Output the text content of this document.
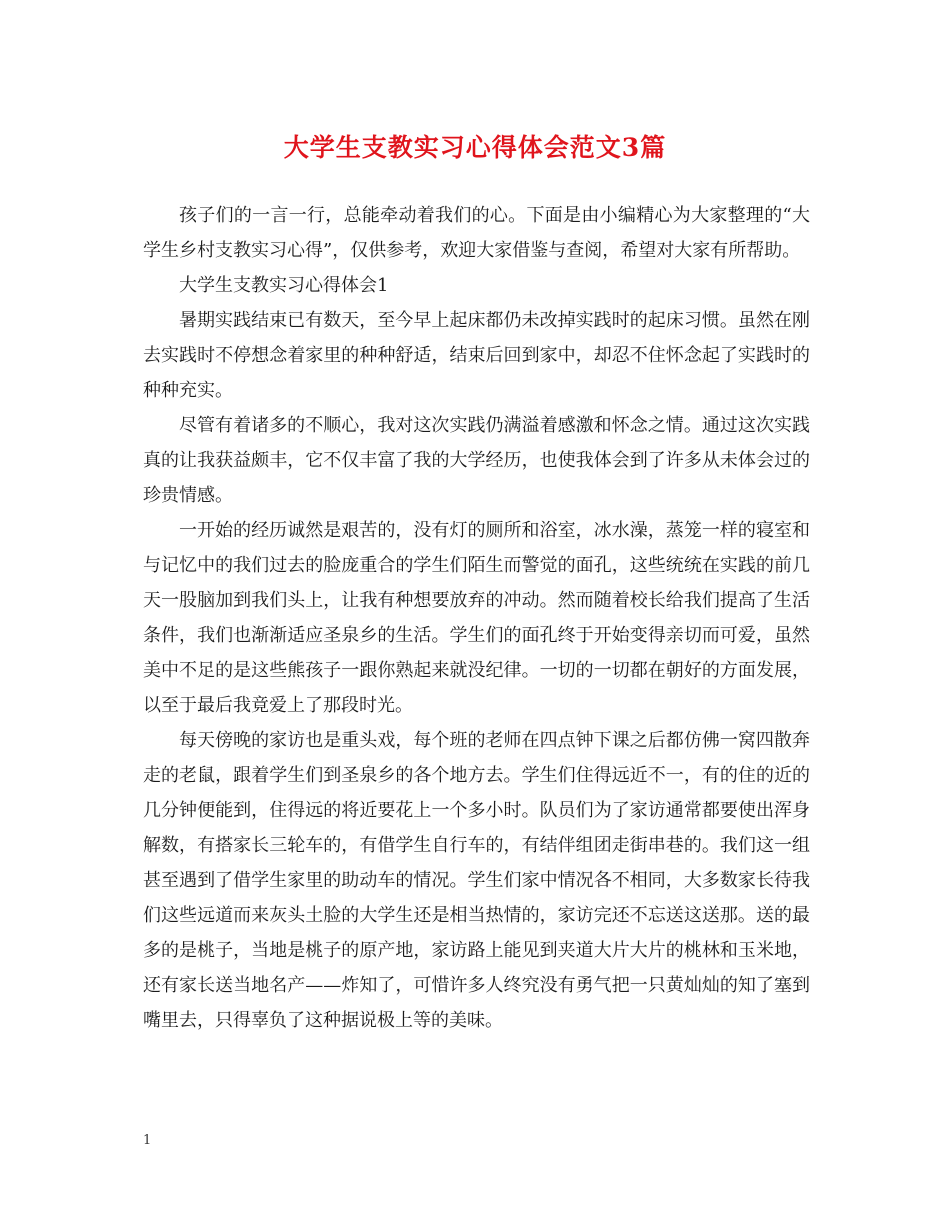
大学生支教实习心得体会范文3篇

孩子们的一言一行，总能牵动着我们的心。下面是由小编精心为大家整理的“大学生乡村支教实习心得”，仅供参考，欢迎大家借鉴与查阅，希望对大家有所帮助。

大学生支教实习心得体会1

暑期实践结束已有数天，至今早上起床都仍未改掉实践时的起床习惯。虽然在刚去实践时不停想念着家里的种种舒适，结束后回到家中，却忍不住怀念起了实践时的种种充实。

尽管有着诸多的不顺心，我对这次实践仍满溢着感激和怀念之情。通过这次实践真的让我获益颇丰，它不仅丰富了我的大学经历，也使我体会到了许多从未体会过的珍贵情感。

一开始的经历诚然是艰苦的，没有灯的厕所和浴室，冰水澡，蒸笼一样的寝室和与记忆中的我们过去的脸庞重合的学生们陌生而警觉的面孔，这些统统在实践的前几天一股脑加到我们头上，让我有种想要放弃的冲动。然而随着校长给我们提高了生活条件，我们也渐渐适应圣泉乡的生活。学生们的面孔终于开始变得亲切而可爱，虽然美中不足的是这些熊孩子一跟你熟起来就没纪律。一切的一切都在朝好的方面发展，以至于最后我竟爱上了那段时光。

每天傍晚的家访也是重头戏，每个班的老师在四点钟下课之后都仿佛一窝四散奔走的老鼠，跟着学生们到圣泉乡的各个地方去。学生们住得远近不一，有的住的近的几分钟便能到，住得远的将近要花上一个多小时。队员们为了家访通常都要使出浑身解数，有搭家长三轮车的，有借学生自行车的，有结伴组团走街串巷的。我们这一组甚至遇到了借学生家里的助动车的情况。学生们家中情况各不相同，大多数家长待我们这些远道而来灰头土脸的大学生还是相当热情的，家访完还不忘送这送那。送的最多的是桃子，当地是桃子的原产地，家访路上能见到夹道大片大片的桃林和玉米地，还有家长送当地名产——炸知了，可惜许多人终究没有勇气把一只黄灿灿的知了塞到嘴里去，只得辜负了这种据说极上等的美味。

1
